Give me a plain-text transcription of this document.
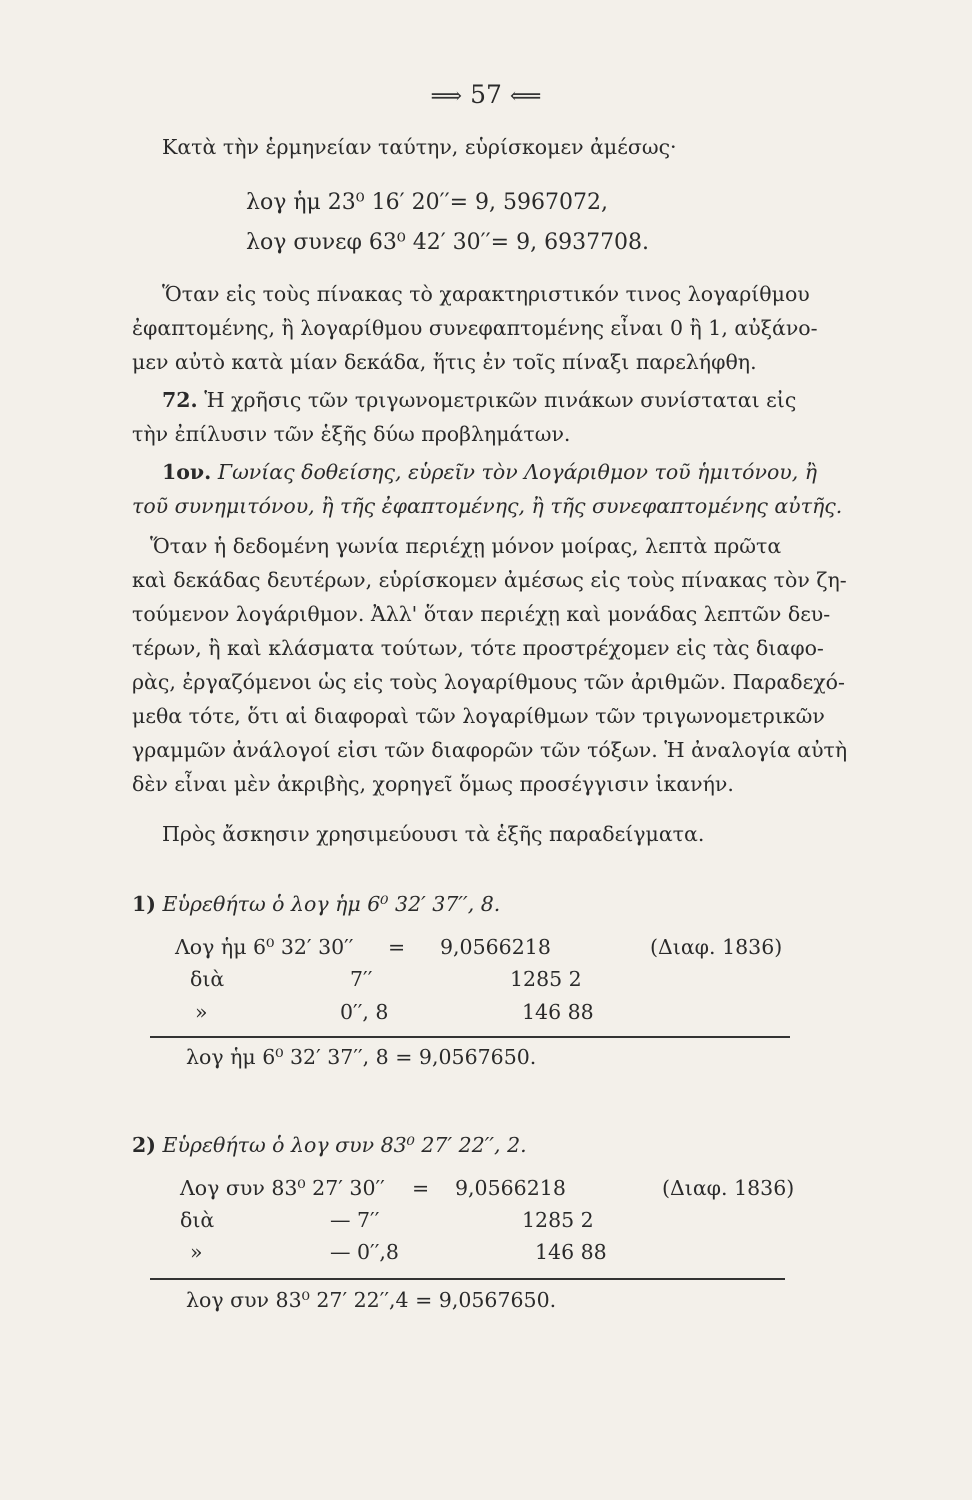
⟹ 57 ⟸
Κατὰ τὴν ἑρμηνείαν ταύτην, εὑρίσκομεν ἀμέσως·
λογ ἡμ 23⁰ 16′ 20′′= 9, 5967072,
λογ συνεφ 63⁰ 42′ 30′′= 9, 6937708.
Ὅταν εἰς τοὺς πίνακας τὸ χαρακτηριστικόν τινος λογαρίθμου
ἐφαπτομένης, ἢ λογαρίθμου συνεφαπτομένης εἶναι 0 ἢ 1, αὐξάνο-
μεν αὐτὸ κατὰ μίαν δεκάδα, ἥτις ἐν τοῖς πίναξι παρελήφθη.
72. Ἡ χρῆσις τῶν τριγωνομετρικῶν πινάκων συνίσταται εἰς
τὴν ἐπίλυσιν τῶν ἑξῆς δύω προβλημάτων.
1ον. Γωνίας δοθείσης, εὑρεῖν τὸν Λογάριθμον τοῦ ἡμιτόνου, ἢ
τοῦ συνημιτόνου, ἢ τῆς ἐφαπτομένης, ἢ τῆς συνεφαπτομένης αὐτῆς.
Ὅταν ἡ δεδομένη γωνία περιέχῃ μόνον μοίρας, λεπτὰ πρῶτα
καὶ δεκάδας δευτέρων, εὑρίσκομεν ἀμέσως εἰς τοὺς πίνακας τὸν ζη-
τούμενον λογάριθμον. Ἀλλ' ὅταν περιέχῃ καὶ μονάδας λεπτῶν δευ-
τέρων, ἢ καὶ κλάσματα τούτων, τότε προστρέχομεν εἰς τὰς διαφο-
ρὰς, ἐργαζόμενοι ὡς εἰς τοὺς λογαρίθμους τῶν ἀριθμῶν. Παραδεχό-
μεθα τότε, ὅτι αἱ διαφοραὶ τῶν λογαρίθμων τῶν τριγωνομετρικῶν
γραμμῶν ἀνάλογοί εἰσι τῶν διαφορῶν τῶν τόξων. Ἡ ἀναλογία αὐτὴ
δὲν εἶναι μὲν ἀκριβὴς, χορηγεῖ ὅμως προσέγγισιν ἱκανήν.
Πρὸς ἄσκησιν χρησιμεύουσι τὰ ἑξῆς παραδείγματα.
1) Εὑρεθήτω ὁ λογ ἡμ 6⁰ 32′ 37′′, 8.
Λογ ἡμ 6⁰ 32′ 30′′ = 9,0566218	(Διαφ. 1836)
διὰ	7′′	1285 2
»	0′′, 8	146 88
λογ ἡμ 6⁰ 32′ 37′′, 8 = 9,0567650.
2) Εὑρεθήτω ὁ λογ συν 83⁰ 27′ 22′′, 2.
Λογ συν 83⁰ 27′ 30′′ = 9,0566218	(Διαφ. 1836)
διὰ	— 7′′	1285 2
»	— 0′′,8	146 88
λογ συν 83⁰ 27′ 22′′,4 = 9,0567650.
